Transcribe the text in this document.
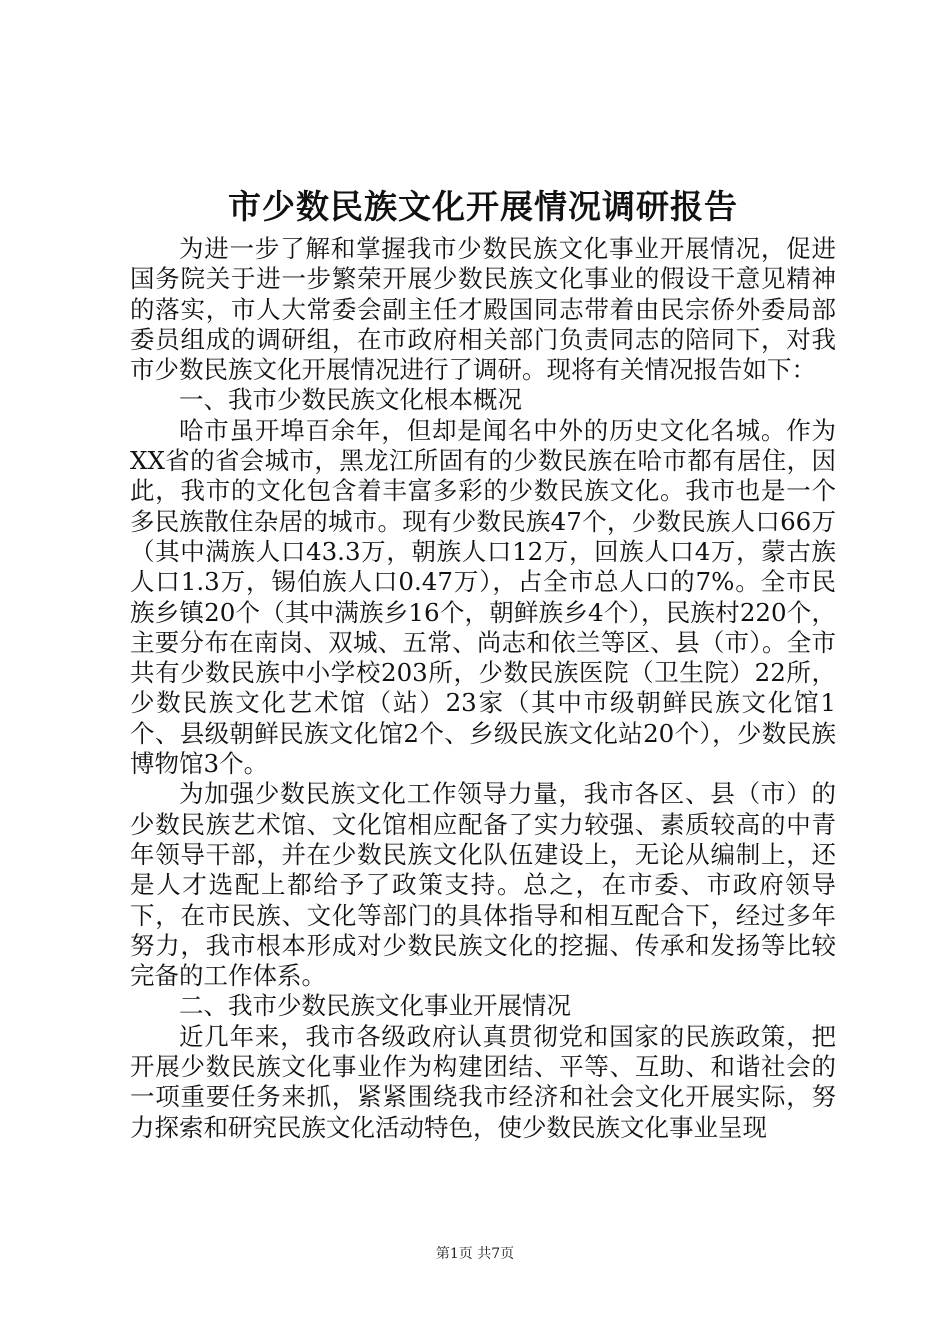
市少数民族文化开展情况调研报告

为进一步了解和掌握我市少数民族文化事业开展情况，促进国务院关于进一步繁荣开展少数民族文化事业的假设干意见精神的落实，市人大常委会副主任才殿国同志带着由民宗侨外委局部委员组成的调研组，在市政府相关部门负责同志的陪同下，对我市少数民族文化开展情况进行了调研。现将有关情况报告如下：

一、我市少数民族文化根本概况

哈市虽开埠百余年，但却是闻名中外的历史文化名城。作为XX省的省会城市，黑龙江所固有的少数民族在哈市都有居住，因此，我市的文化包含着丰富多彩的少数民族文化。我市也是一个多民族散住杂居的城市。现有少数民族47个，少数民族人口66万（其中满族人口43.3万，朝族人口12万，回族人口4万，蒙古族人口1.3万，锡伯族人口0.47万），占全市总人口的7%。全市民族乡镇20个（其中满族乡16个，朝鲜族乡4个），民族村220个，主要分布在南岗、双城、五常、尚志和依兰等区、县（市）。全市共有少数民族中小学校203所，少数民族医院（卫生院）22所，少数民族文化艺术馆（站）23家（其中市级朝鲜民族文化馆1个、县级朝鲜民族文化馆2个、乡级民族文化站20个），少数民族博物馆3个。

为加强少数民族文化工作领导力量，我市各区、县（市）的少数民族艺术馆、文化馆相应配备了实力较强、素质较高的中青年领导干部，并在少数民族文化队伍建设上，无论从编制上，还是人才选配上都给予了政策支持。总之，在市委、市政府领导下，在市民族、文化等部门的具体指导和相互配合下，经过多年努力，我市根本形成对少数民族文化的挖掘、传承和发扬等比较完备的工作体系。

二、我市少数民族文化事业开展情况

近几年来，我市各级政府认真贯彻党和国家的民族政策，把开展少数民族文化事业作为构建团结、平等、互助、和谐社会的一项重要任务来抓，紧紧围绕我市经济和社会文化开展实际，努力探索和研究民族文化活动特色，使少数民族文化事业呈现

第1页 共7页
